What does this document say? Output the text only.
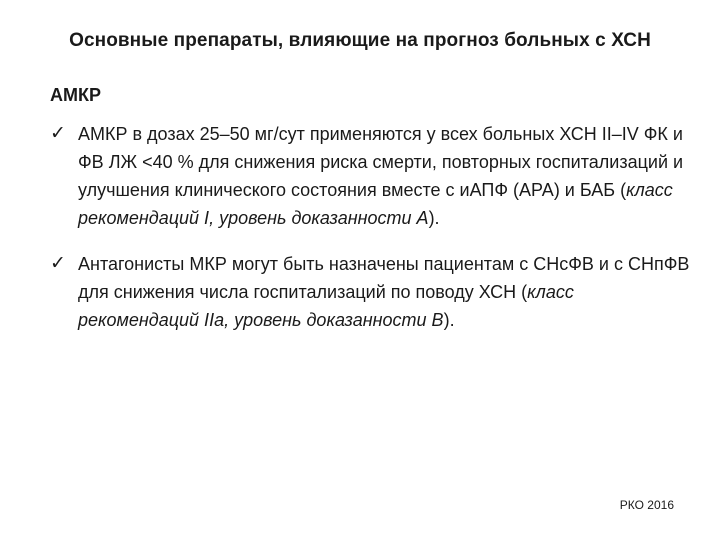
Основные препараты, влияющие на прогноз больных с ХСН
АМКР
✓ АМКР в дозах 25–50 мг/сут применяются у всех больных ХСН II–IV ФК и ФВ ЛЖ <40 % для снижения риска смерти, повторных госпитализаций и улучшения клинического состояния вместе с иАПФ (АРА) и БАБ (класс рекомендаций I, уровень доказанности А).
✓ Антагонисты МКР могут быть назначены пациентам с СНсФВ и с СНпФВ для снижения числа госпитализаций по поводу ХСН (класс рекомендаций IIa, уровень доказанности В).
РКО 2016
